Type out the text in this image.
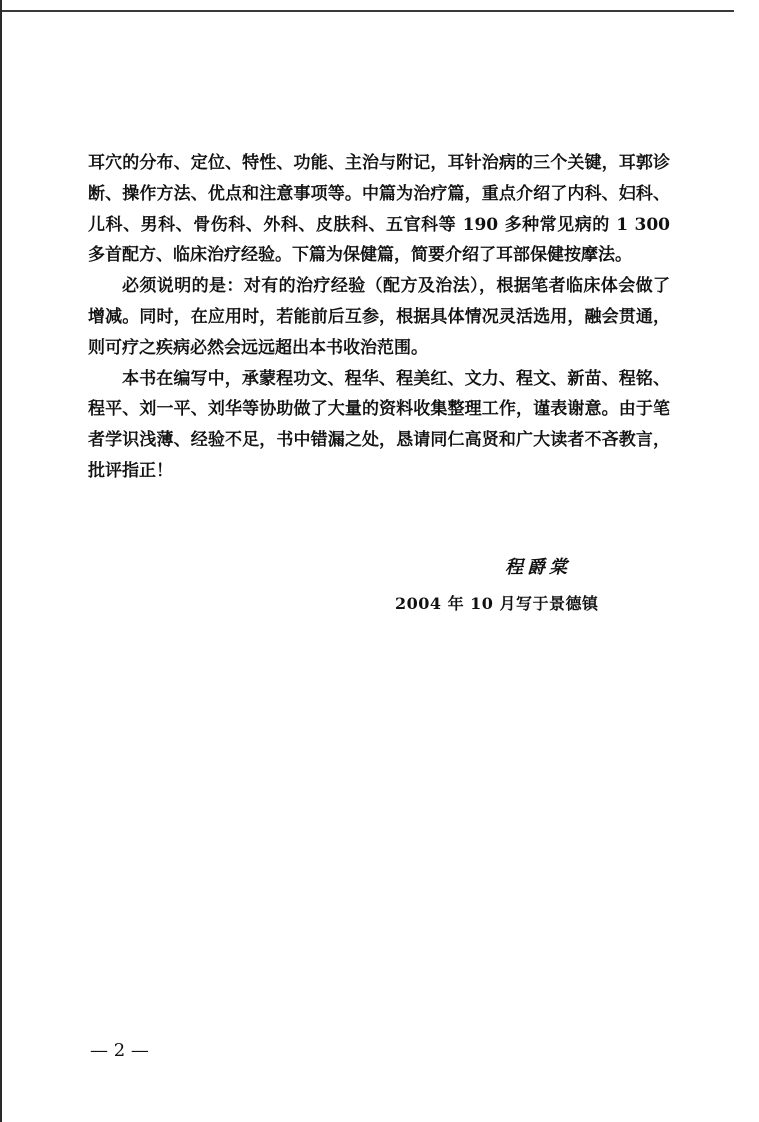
耳穴的分布、定位、特性、功能、主治与附记，耳针治病的三个关键，耳郭诊断、操作方法、优点和注意事项等。中篇为治疗篇，重点介绍了内科、妇科、儿科、男科、骨伤科、外科、皮肤科、五官科等 190 多种常见病的 1 300 多首配方、临床治疗经验。下篇为保健篇，简要介绍了耳部保健按摩法。

必须说明的是：对有的治疗经验（配方及治法），根据笔者临床体会做了增减。同时，在应用时，若能前后互参，根据具体情况灵活选用，融会贯通，则可疗之疾病必然会远远超出本书收治范围。

本书在编写中，承蒙程功文、程华、程美红、文力、程文、新苗、程铭、程平、刘一平、刘华等协助做了大量的资料收集整理工作，谨表谢意。由于笔者学识浅薄、经验不足，书中错漏之处，恳请同仁高贤和广大读者不吝教言，批评指正！

程爵棠
2004 年 10 月写于景德镇
— 2 —
